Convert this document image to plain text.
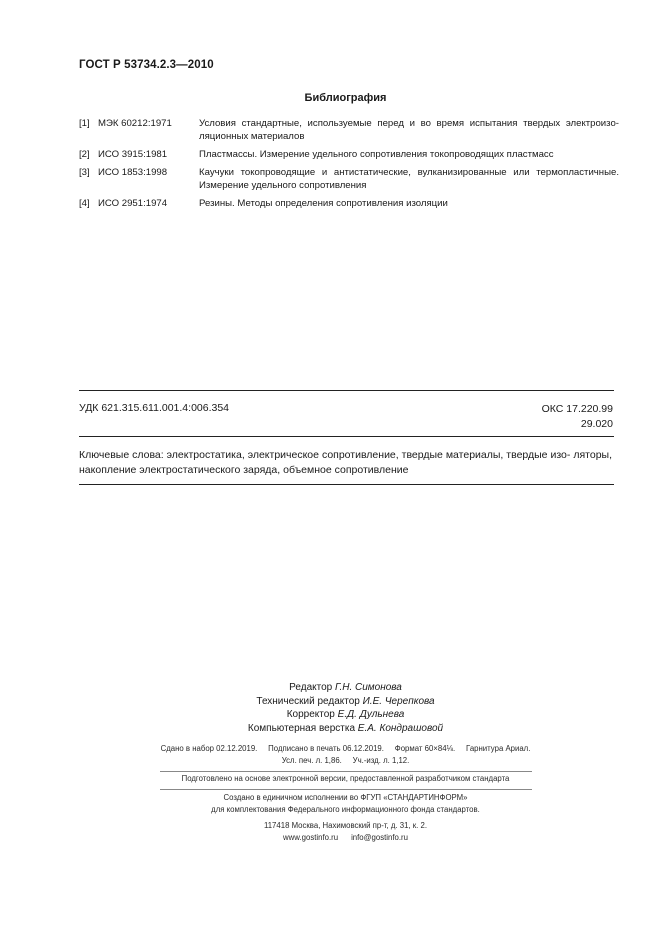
ГОСТ Р 53734.2.3—2010
Библиография
[1] МЭК 60212:1971	Условия стандартные, используемые перед и во время испытания твердых электроизо- ляционных материалов
[2] ИСО 3915:1981	Пластмассы. Измерение удельного сопротивления токопроводящих пластмасс
[3] ИСО 1853:1998	Каучуки токопроводящие и антистатические, вулканизированные или термопластичные. Измерение удельного сопротивления
[4] ИСО 2951:1974	Резины. Методы определения сопротивления изоляции
УДК 621.315.611.001.4:006.354	ОКС 17.220.99
29.020
Ключевые слова: электростатика, электрическое сопротивление, твердые материалы, твердые изо- ляторы, накопление электростатического заряда, объемное сопротивление
Редактор Г.Н. Симонова
Технический редактор И.Е. Черепкова
Корректор Е.Д. Дульнева
Компьютерная верстка Е.А. Кондрашовой
Сдано в набор 02.12.2019.     Подписано в печать 06.12.2019.     Формат 60×84⅛.     Гарнитура Ариал.
Усл. печ. л. 1,86.     Уч.-изд. л. 1,12.
Подготовлено на основе электронной версии, предоставленной разработчиком стандарта
Создано в единичном исполнении во ФГУП «СТАНДАРТИНФОРМ»
для комплектования Федерального информационного фонда стандартов.
117418 Москва, Нахимовский пр-т, д. 31, к. 2.
www.gostinfo.ru      info@gostinfo.ru
